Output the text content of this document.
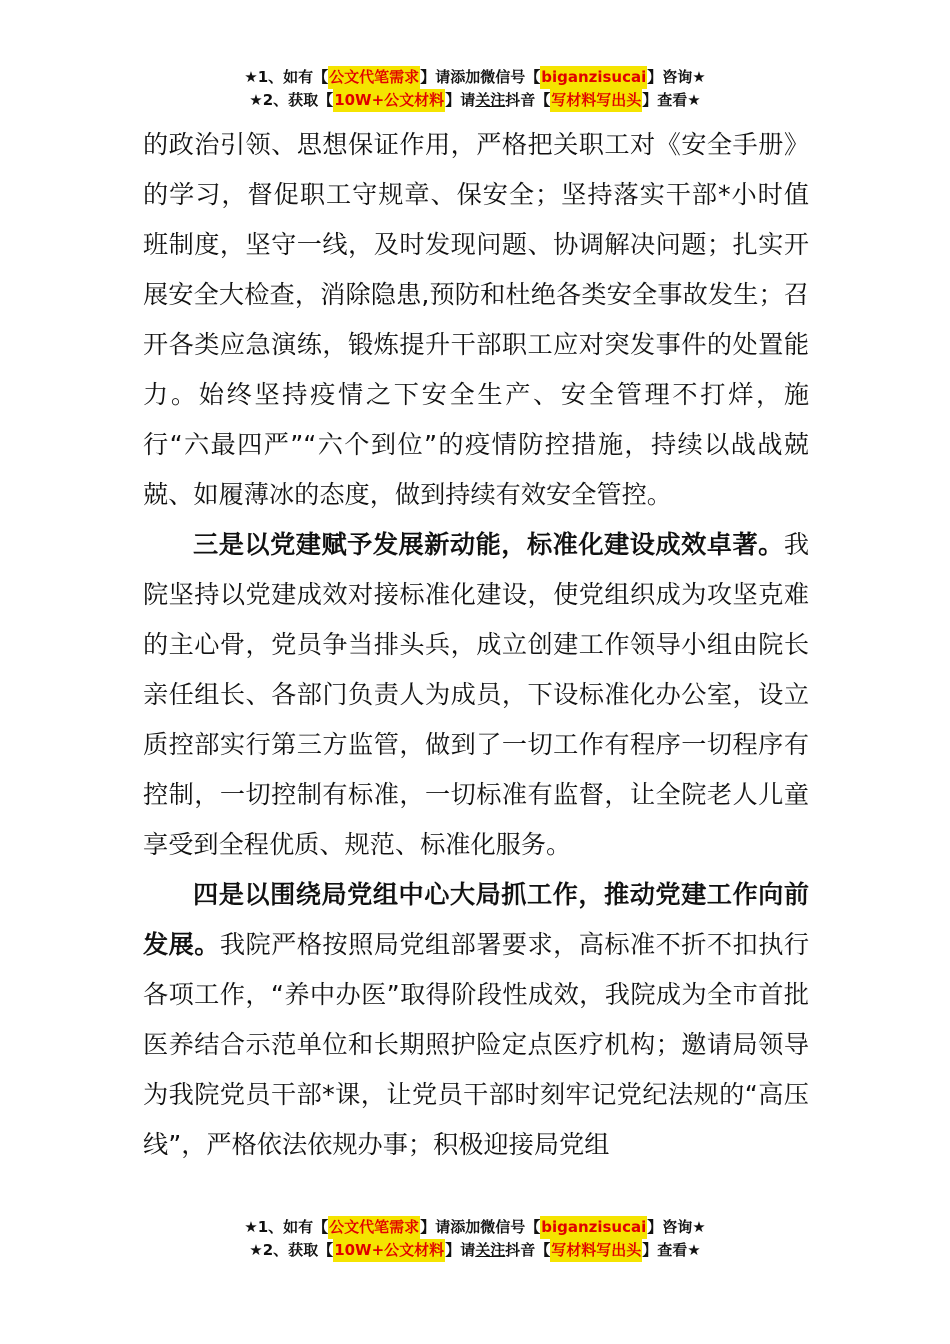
★1、如有【 公文代笔需求 】请添加微信号【 biganzisucai 】咨询★
★2、获取【 10W+公文材料 】请 关注 抖音【 写材料写出头 】查看★

的政治引领、思想保证作用，严格把关职工对《安全手册》的学习，督促职工守规章、保安全；坚持落实干部*小时值班制度，坚守一线，及时发现问题、协调解决问题；扎实开展安全大检查，消除隐患,预防和杜绝各类安全事故发生；召开各类应急演练，锻炼提升干部职工应对突发事件的处置能力。始终坚持疫情之下安全生产、安全管理不打烊，施行“六最四严”“六个到位”的疫情防控措施，持续以战战兢兢、如履薄冰的态度，做到持续有效安全管控。

三是以党建赋予发展新动能，标准化建设成效卓著。我院坚持以党建成效对接标准化建设，使党组织成为攻坚克难的主心骨，党员争当排头兵，成立创建工作领导小组由院长亲任组长、各部门负责人为成员，下设标准化办公室，设立质控部实行第三方监管，做到了一切工作有程序一切程序有控制，一切控制有标准，一切标准有监督，让全院老人儿童享受到全程优质、规范、标准化服务。

四是以围绕局党组中心大局抓工作，推动党建工作向前发展。我院严格按照局党组部署要求，高标准不折不扣执行各项工作，“养中办医”取得阶段性成效，我院成为全市首批医养结合示范单位和长期照护险定点医疗机构；邀请局领导为我院党员干部*课，让党员干部时刻牢记党纪法规的“高压线”，严格依法依规办事；积极迎接局党组

★1、如有【 公文代笔需求 】请添加微信号【 biganzisucai 】咨询★
★2、获取【 10W+公文材料 】请 关注 抖音【 写材料写出头 】查看★
